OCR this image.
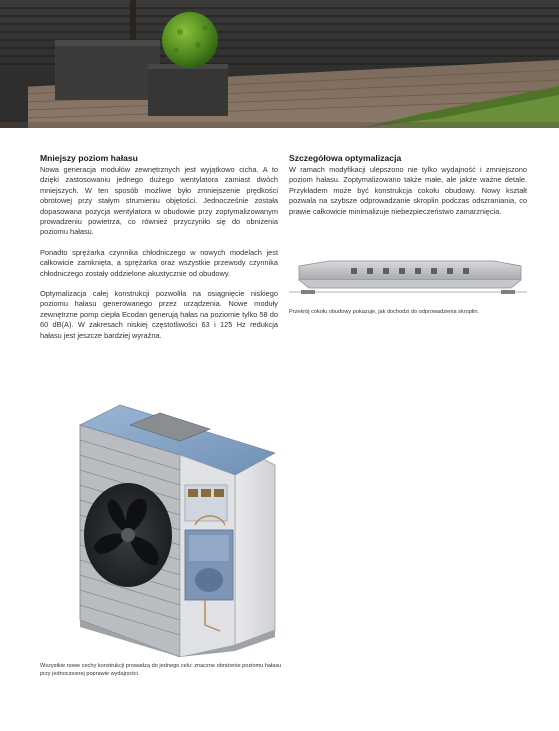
Mniejszy poziom hałasu

Nowa generacja modułów zewnętrznych jest wyjątkowo cicha. A to dzięki zastosowaniu jednego dużego wentylatora zamiast dwóch mniejszych. W ten sposób możliwe było zmniejszenie prędkości obrotowej przy stałym strumieniu objętości. Jednocześnie została dopasowana pozycja wentylatora w obudowie przy zoptymalizowanym prowadzeniu powietrza, co również przyczyniło się do obniżenia poziomu hałasu.

Ponadto sprężarka czynnika chłodniczego w nowych modelach jest całkowicie zamknięta, a sprężarka oraz wszystkie przewody czynnika chłodniczego zostały oddzielone akustycznie od obudowy.

Optymalizacja całej konstrukcji pozwoliła na osiągnięcie niskiego poziomu hałasu generowanego przez urządzenia. Nowe moduły zewnętrzne pomp ciepła Ecodan generują hałas na poziomie tylko 58 do 60 dB(A). W zakresach niskiej częstotliwości 63 i 125 Hz redukcja hałasu jest jeszcze bardziej wyraźna.

Szczegółowa optymalizacja

W ramach modyfikacji ulepszono nie tylko wydajność i zmniejszono poziom hałasu. Zoptymalizowano także małe, ale jakże ważne detale. Przykładem może być konstrukcja cokołu obudowy. Nowy kształt pozwala na szybsze odprowadzanie skroplin podczas odszraniania, co prawie całkowicie minimalizuje niebezpieczeństwo zamarznięcia.

Przekrój cokołu obudowy pokazuje, jak dochodzi do odprowadzenia skroplin.
Wszystkie nowe cechy konstrukcji prowadzą do jednego celu: znaczne obniżenie poziomu hałasu przy jednoczesnej poprawie wydajności.
